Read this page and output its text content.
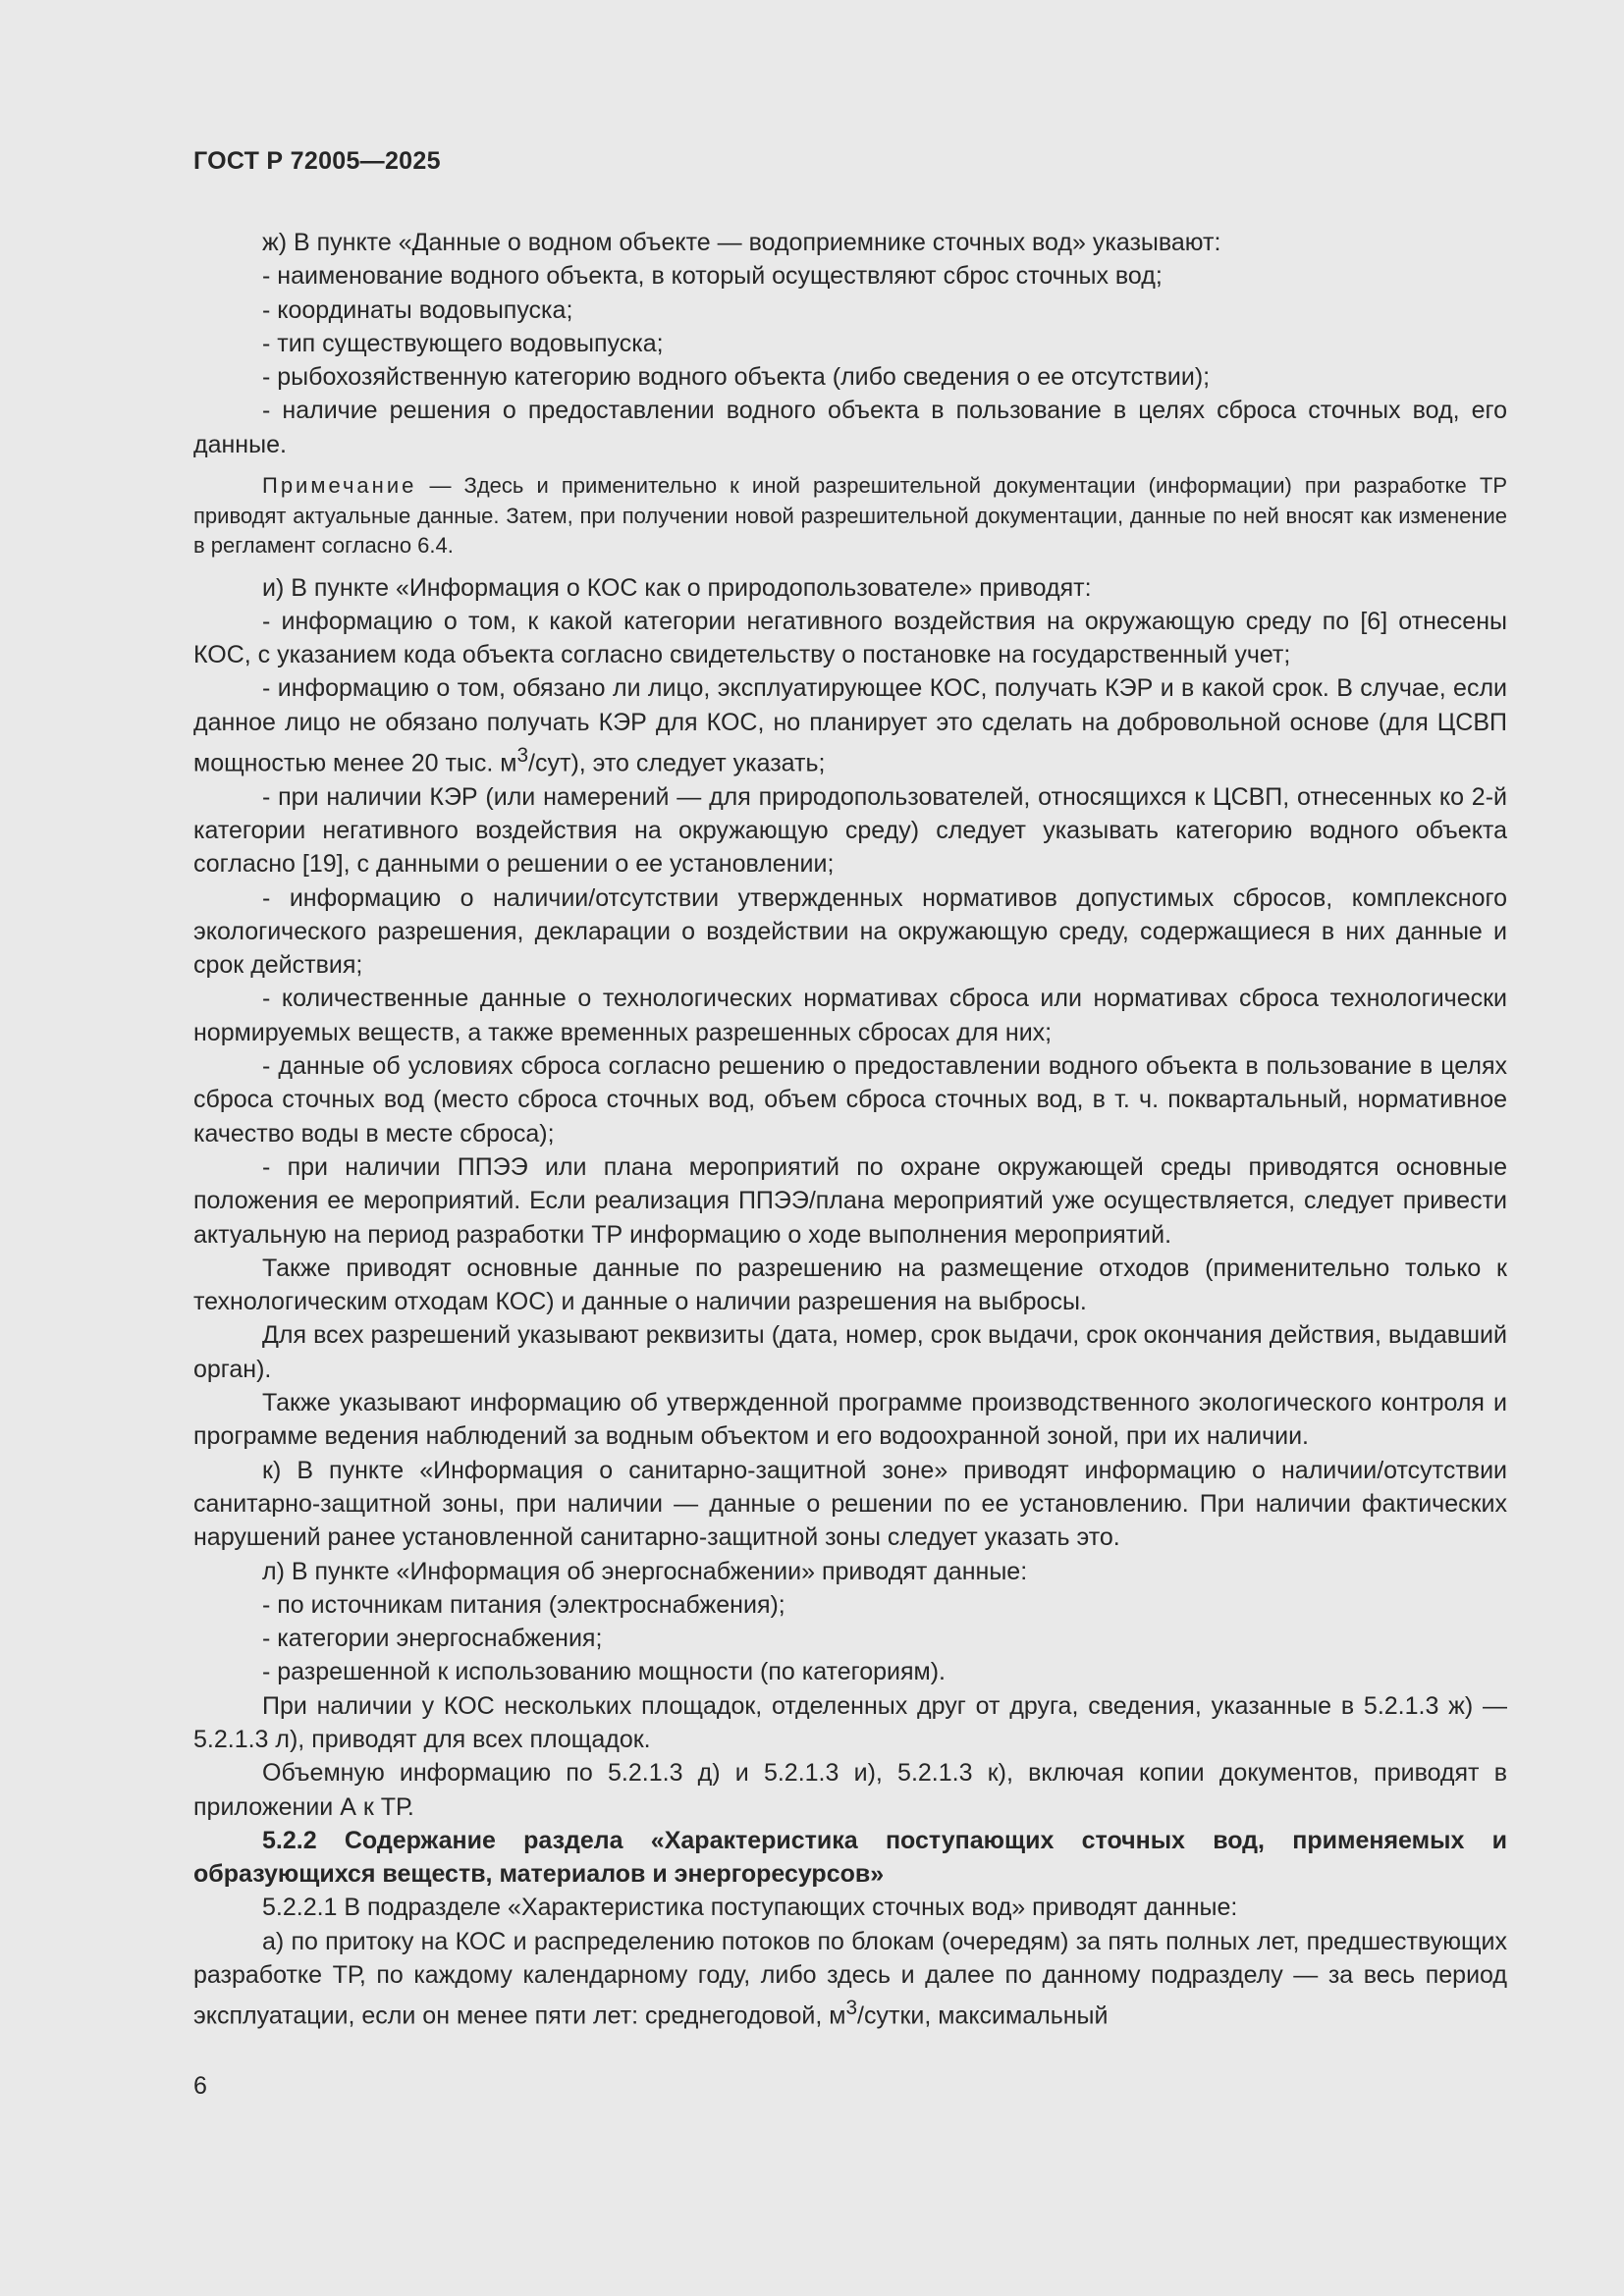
ГОСТ Р 72005—2025

ж) В пункте «Данные о водном объекте — водоприемнике сточных вод» указывают:

- наименование водного объекта, в который осуществляют сброс сточных вод;

- координаты водовыпуска;

- тип существующего водовыпуска;

- рыбохозяйственную категорию водного объекта (либо сведения о ее отсутствии);

- наличие решения о предоставлении водного объекта в пользование в целях сброса сточных вод, его данные.

Примечание — Здесь и применительно к иной разрешительной документации (информации) при разработке ТР приводят актуальные данные. Затем, при получении новой разрешительной документации, данные по ней вносят как изменение в регламент согласно 6.4.

и) В пункте «Информация о КОС как о природопользователе» приводят:

- информацию о том, к какой категории негативного воздействия на окружающую среду по [6] отнесены КОС, с указанием кода объекта согласно свидетельству о постановке на государственный учет;

- информацию о том, обязано ли лицо, эксплуатирующее КОС, получать КЭР и в какой срок. В случае, если данное лицо не обязано получать КЭР для КОС, но планирует это сделать на добровольной основе (для ЦСВП мощностью менее 20 тыс. $м^3/сут$), это следует указать;

- при наличии КЭР (или намерений — для природопользователей, относящихся к ЦСВП, отнесенных ко 2-й категории негативного воздействия на окружающую среду) следует указывать категорию водного объекта согласно [19], с данными о решении о ее установлении;

- информацию о наличии/отсутствии утвержденных нормативов допустимых сбросов, комплексного экологического разрешения, декларации о воздействии на окружающую среду, содержащиеся в них данные и срок действия;

- количественные данные о технологических нормативах сброса или нормативах сброса технологически нормируемых веществ, а также временных разрешенных сбросах для них;

- данные об условиях сброса согласно решению о предоставлении водного объекта в пользование в целях сброса сточных вод (место сброса сточных вод, объем сброса сточных вод, в т. ч. поквартальный, нормативное качество воды в месте сброса);

- при наличии ППЭЭ или плана мероприятий по охране окружающей среды приводятся основные положения ее мероприятий. Если реализация ППЭЭ/плана мероприятий уже осуществляется, следует привести актуальную на период разработки ТР информацию о ходе выполнения мероприятий.

Также приводят основные данные по разрешению на размещение отходов (применительно только к технологическим отходам КОС) и данные о наличии разрешения на выбросы.

Для всех разрешений указывают реквизиты (дата, номер, срок выдачи, срок окончания действия, выдавший орган).

Также указывают информацию об утвержденной программе производственного экологического контроля и программе ведения наблюдений за водным объектом и его водоохранной зоной, при их наличии.

к) В пункте «Информация о санитарно-защитной зоне» приводят информацию о наличии/отсутствии санитарно-защитной зоны, при наличии — данные о решении по ее установлению. При наличии фактических нарушений ранее установленной санитарно-защитной зоны следует указать это.

л) В пункте «Информация об энергоснабжении» приводят данные:

- по источникам питания (электроснабжения);

- категории энергоснабжения;

- разрешенной к использованию мощности (по категориям).

При наличии у КОС нескольких площадок, отделенных друг от друга, сведения, указанные в 5.2.1.3 ж) — 5.2.1.3 л), приводят для всех площадок.

Объемную информацию по 5.2.1.3 д) и 5.2.1.3 и), 5.2.1.3 к), включая копии документов, приводят в приложении А к ТР.

5.2.2 Содержание раздела «Характеристика поступающих сточных вод, применяемых и образующихся веществ, материалов и энергоресурсов»

5.2.2.1 В подразделе «Характеристика поступающих сточных вод» приводят данные:

а) по притоку на КОС и распределению потоков по блокам (очередям) за пять полных лет, предшествующих разработке ТР, по каждому календарному году, либо здесь и далее по данному подразделу — за весь период эксплуатации, если он менее пяти лет: среднегодовой, $м^3$/сутки, максимальный

6
